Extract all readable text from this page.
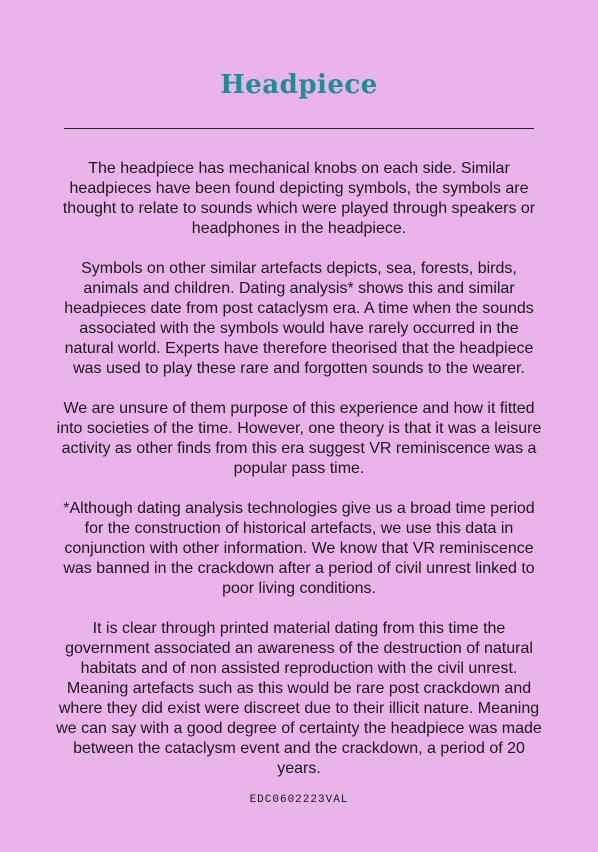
Headpiece

The headpiece has mechanical knobs on each side. Similar headpieces have been found depicting symbols, the symbols are thought to relate to sounds which were played through speakers or headphones in the headpiece.

Symbols on other similar artefacts depicts, sea, forests, birds, animals and children. Dating analysis* shows this and similar headpieces date from post cataclysm era. A time when the sounds associated with the symbols would have rarely occurred in the natural world. Experts have therefore theorised that the headpiece was used to play these rare and forgotten sounds to the wearer.

We are unsure of them purpose of this experience and how it fitted into societies of the time. However, one theory is that it was a leisure activity as other finds from this era suggest VR reminiscence was a popular pass time.

*Although dating analysis technologies give us a broad time period for the construction of historical artefacts, we use this data in conjunction with other information. We know that VR reminiscence was banned in the crackdown after a period of civil unrest linked to poor living conditions.

It is clear through printed material dating from this time the government associated an awareness of the destruction of natural habitats and of non assisted reproduction with the civil unrest. Meaning artefacts such as this would be rare post crackdown and where they did exist were discreet due to their illicit nature. Meaning we can say with a good degree of certainty the headpiece was made between the cataclysm event and the crackdown, a period of 20 years.

EDC0602223VAL
